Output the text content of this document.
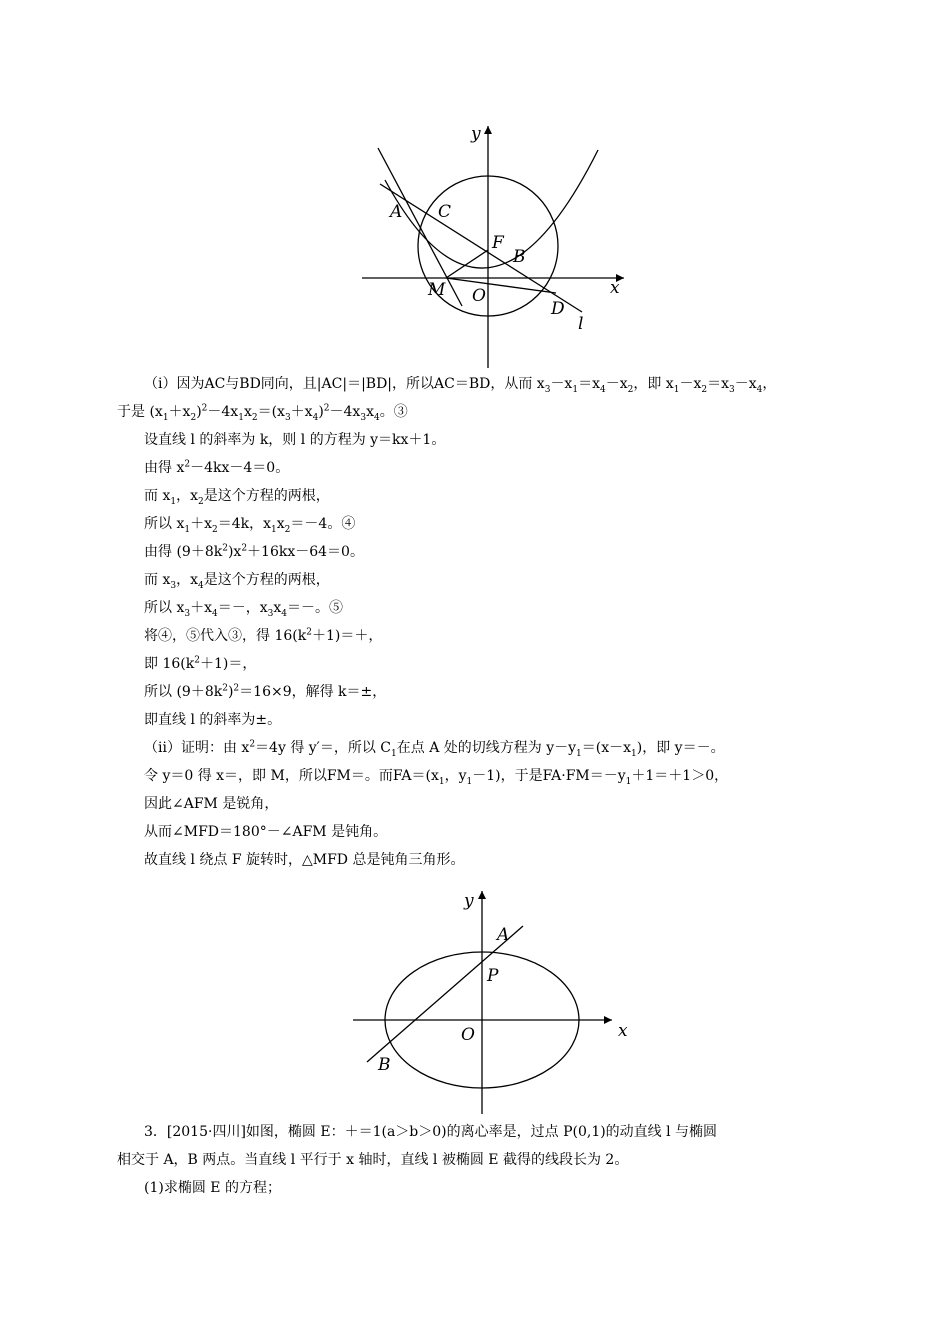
y
x
A C
F
B
M O
D
l
（ⅰ）因为AC与BD同向，且|AC|＝|BD|，所以AC＝BD，从而 $x_3-x_1=x_4-x_2$，即 $x_1-x_2=x_3-x_4$，
于是 $(x_1+x_2)^2-4x_1x_2=(x_3+x_4)^2-4x_3x_4$。③
设直线 l 的斜率为 k，则 l 的方程为 y＝kx＋1。
由得 $x^2-4kx-4=0$。
而 $x_1$，$x_2$是这个方程的两根，
所以 $x_1+x_2=4k$，$x_1x_2=-4$。④
由得 $(9+8k^2)x^2+16kx-64=0$。
而 $x_3$，$x_4$是这个方程的两根，
所以 $x_3+x_4=-$，$x_3x_4=-$。⑤
将④，⑤代入③，得 $16(k^2+1)=+$，
即 $16(k^2+1)=$，
所以 $(9+8k^2)^2=16\times 9$，解得 k＝±，
即直线 l 的斜率为±。
（ⅱ）证明：由 $x^2=4y$ 得 y′＝，所以 $C_1$在点 A 处的切线方程为 $y-y_1=(x-x_1)$，即 y＝－。
令 y＝0 得 x＝，即 M，所以FM＝。而$FA=(x_1$，$y_1-1$)，于是$FA\cdot FM=-y_1+1=+1>0$，
因此∠AFM 是锐角，
从而∠MFD＝180°－∠AFM 是钝角。
故直线 l 绕点 F 旋转时，△MFD 总是钝角三角形。
y
x
A
P
O
B
3．[2015·四川]如图，椭圆 E：＋＝1(a＞b＞0)的离心率是，过点 P(0,1)的动直线 l 与椭圆
相交于 A，B 两点。当直线 l 平行于 x 轴时，直线 l 被椭圆 E 截得的线段长为 2。
(1)求椭圆 E 的方程；
